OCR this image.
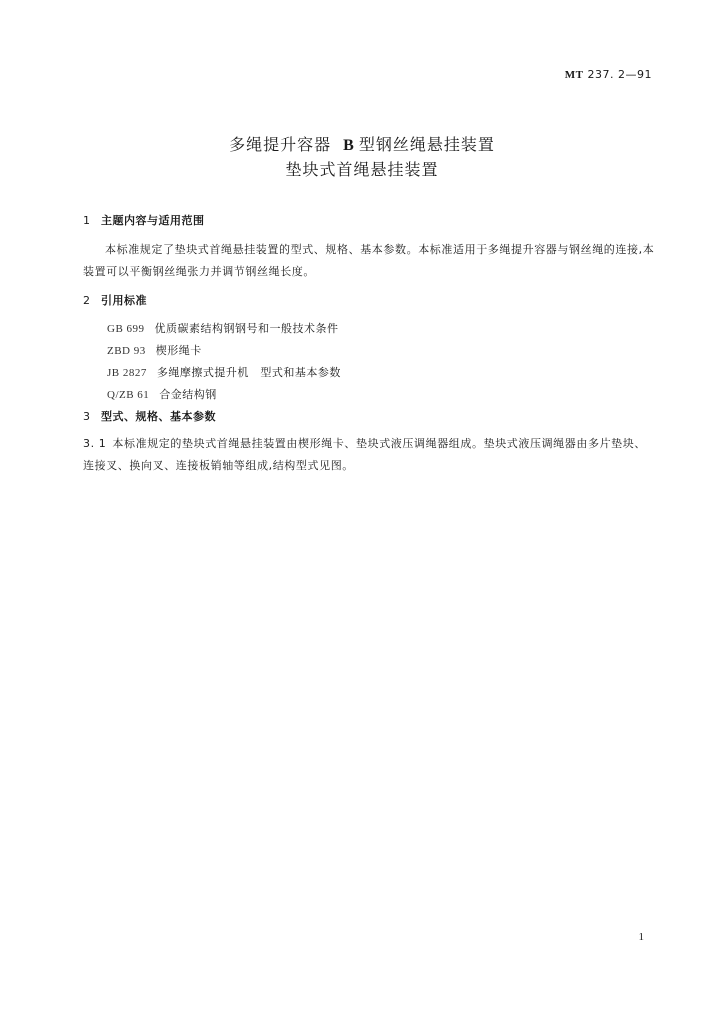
MT 237. 2—91
多绳提升容器 B 型钢丝绳悬挂装置
垫块式首绳悬挂装置
1 主题内容与适用范围
本标准规定了垫块式首绳悬挂装置的型式、规格、基本参数。本标准适用于多绳提升容器与钢丝绳的连接,本装置可以平衡钢丝绳张力并调节钢丝绳长度。
2 引用标准
GB 699 优质碳素结构钢钢号和一般技术条件
ZBD 93 楔形绳卡
JB 2827 多绳摩擦式提升机　型式和基本参数
Q/ZB 61 合金结构钢
3 型式、规格、基本参数
3. 1 本标准规定的垫块式首绳悬挂装置由楔形绳卡、垫块式液压调绳器组成。垫块式液压调绳器由多片垫块、连接叉、换向叉、连接板销轴等组成,结构型式见图。
1
